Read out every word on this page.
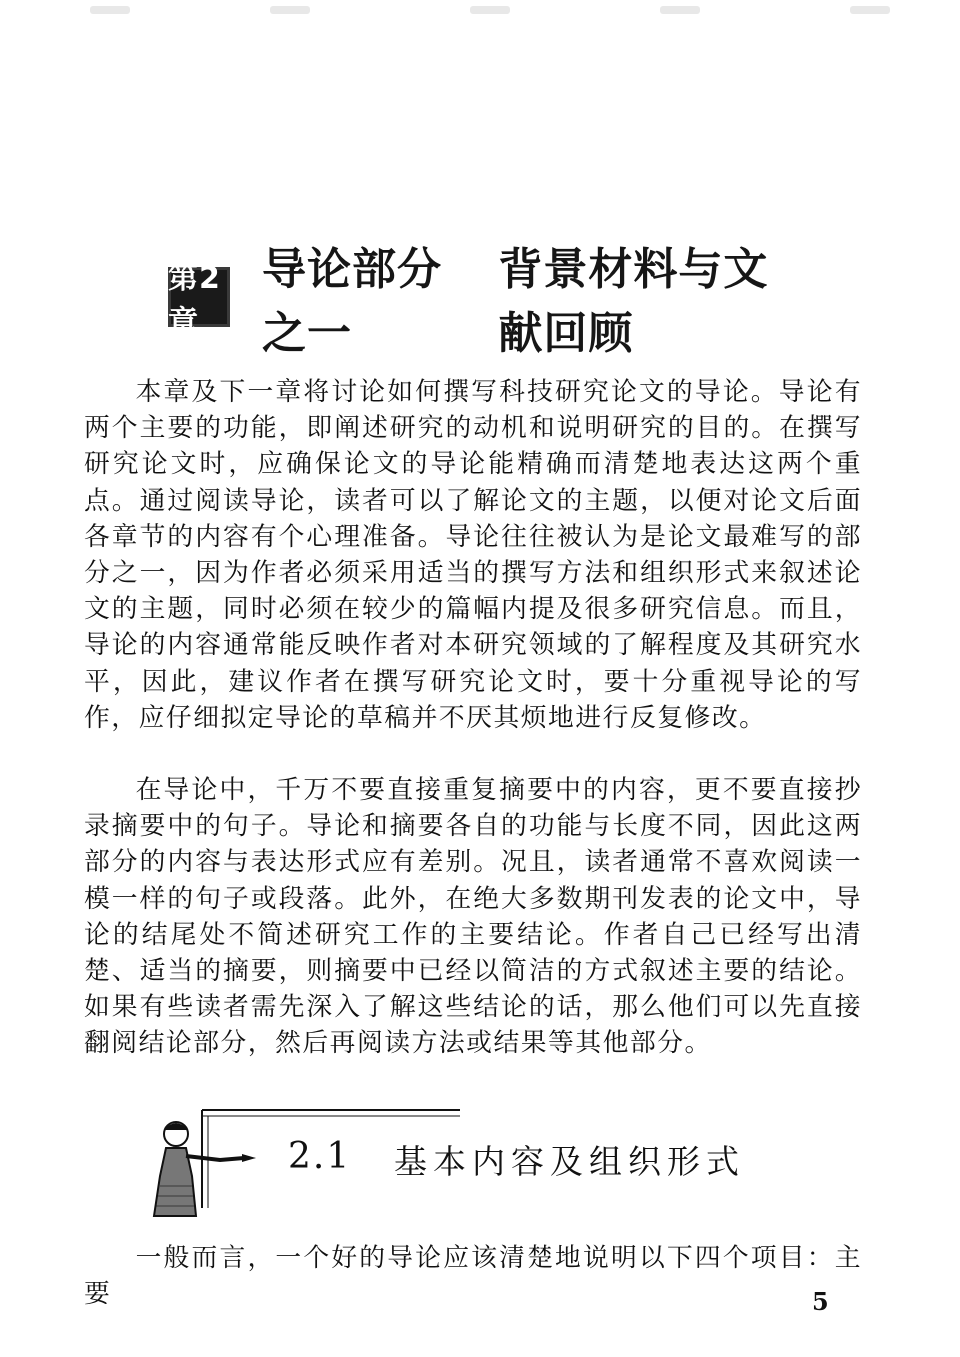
第2章
导论部分之一
背景材料与文献回顾

本章及下一章将讨论如何撰写科技研究论文的导论。导论有两个主要的功能，即阐述研究的动机和说明研究的目的。在撰写研究论文时，应确保论文的导论能精确而清楚地表达这两个重点。通过阅读导论，读者可以了解论文的主题，以便对论文后面各章节的内容有个心理准备。导论往往被认为是论文最难写的部分之一，因为作者必须采用适当的撰写方法和组织形式来叙述论文的主题，同时必须在较少的篇幅内提及很多研究信息。而且，导论的内容通常能反映作者对本研究领域的了解程度及其研究水平，因此，建议作者在撰写研究论文时，要十分重视导论的写作，应仔细拟定导论的草稿并不厌其烦地进行反复修改。

在导论中，千万不要直接重复摘要中的内容，更不要直接抄录摘要中的句子。导论和摘要各自的功能与长度不同，因此这两部分的内容与表达形式应有差别。况且，读者通常不喜欢阅读一模一样的句子或段落。此外，在绝大多数期刊发表的论文中，导论的结尾处不简述研究工作的主要结论。作者自己已经写出清楚、适当的摘要，则摘要中已经以简洁的方式叙述主要的结论。如果有些读者需先深入了解这些结论的话，那么他们可以先直接翻阅结论部分，然后再阅读方法或结果等其他部分。

2.1 基本内容及组织形式

一般而言，一个好的导论应该清楚地说明以下四个项目：主要	5
